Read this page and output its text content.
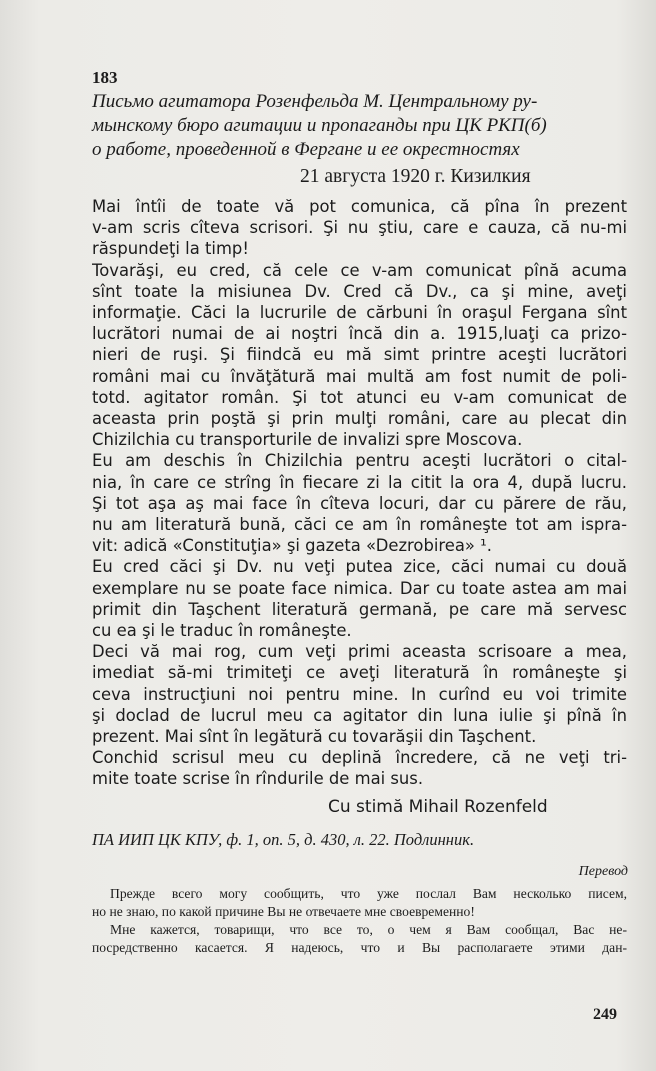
183
Письмо агитатора Розенфельда М. Центральному ру-
мынскому бюро агитации и пропаганды при ЦК РКП(б)
о работе, проведенной в Фергане и ее окрестностях
21 августа 1920 г. Кизилкия
Mai întîi de toate vă pot comunica, că pîna în prezent
v-am scris cîteva scrisori. Şi nu ştiu, care e cauza, că nu-mi
răspundeţi la timp!
Tovarăşi, eu cred, că cele ce v-am comunicat pînă acuma
sînt toate la misiunea Dv. Cred că Dv., ca şi mine, aveţi
informaţie. Căci la lucrurile de cărbuni în oraşul Fergana sînt
lucrători numai de ai noştri încă din a. 1915,luaţi ca prizo-
nieri de ruşi. Şi fiindcă eu mă simt printre aceşti lucrători
români mai cu învăţătură mai multă am fost numit de poli-
totd. agitator român. Şi tot atunci eu v-am comunicat de
aceasta prin poştă şi prin mulţi români, care au plecat din
Chizilchia cu transporturile de invalizi spre Moscova.
Eu am deschis în Chizilchia pentru aceşti lucrători o cital-
nia, în care ce strîng în fiecare zi la citit la ora 4, după lucru.
Şi tot aşa aş mai face în cîteva locuri, dar cu părere de rău,
nu am literatură bună, căci ce am în româneşte tot am ispra-
vit: adică «Constituţia» şi gazeta «Dezrobirea» ¹.
Eu cred căci şi Dv. nu veţi putea zice, căci numai cu două
exemplare nu se poate face nimica. Dar cu toate astea am mai
primit din Taşchent literatură germană, pe care mă servesc
cu ea şi le traduc în româneşte.
Deci vă mai rog, cum veţi primi aceasta scrisoare a mea,
imediat să-mi trimiteţi ce aveţi literatură în româneşte şi
ceva instrucţiuni noi pentru mine. In curînd eu voi trimite
şi doclad de lucrul meu ca agitator din luna iulie şi pînă în
prezent. Mai sînt în legătură cu tovarăşii din Taşchent.
Conchid scrisul meu cu deplină încredere, că ne veţi tri-
mite toate scrise în rîndurile de mai sus.
Cu stimă Mihail Rozenfeld
ПА ИИП ЦК КПУ, ф. 1, оп. 5, д. 430, л. 22. Подлинник.
Перевод
Прежде всего могу сообщить, что уже послал Вам несколько писем,
но не знаю, по какой причине Вы не отвечаете мне своевременно!
Мне кажется, товарищи, что все то, о чем я Вам сообщал, Вас не-
посредственно касается. Я надеюсь, что и Вы располагаете этими дан-
249
